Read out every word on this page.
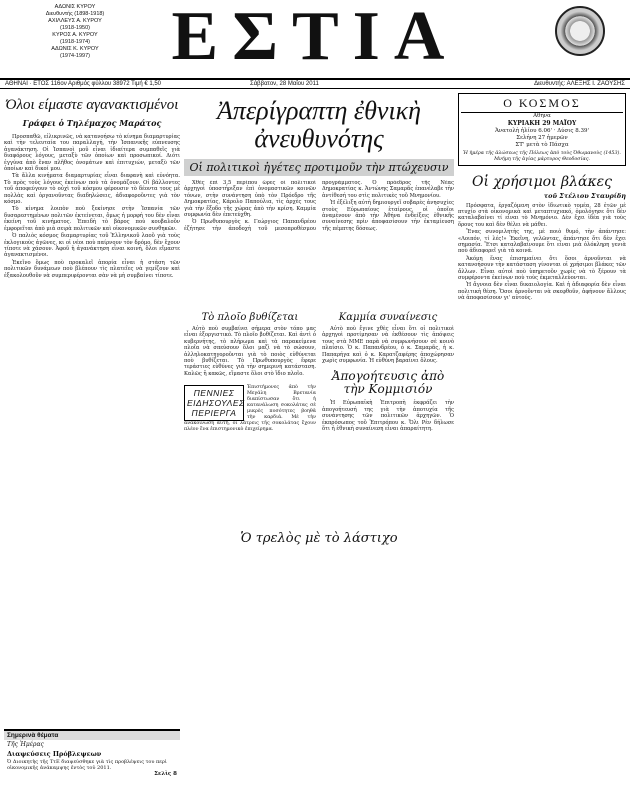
ΑΔΩΝΙΣ ΚΥΡΟΥ
Διευθυντής (1898-1918)
ΑΧΙΛΛΕΥΣ Α. ΚΥΡΟΥ
(1918-1950)
ΚΥΡΟΣ Α. ΚΥΡΟΥ
(1918-1974)
ΑΔΩΝΙΣ Κ. ΚΥΡΟΥ
(1974-1997)	ΕΣΤΙΑ
ΑΘΗΝΑΙ · ΕΤΟΣ 116ον Αριθμός φύλλου 38972 Τιμή € 1,50	Σάββατον, 28 Μαΐου 2011	Διευθυντής: ΑΛΕΞΗΣ Ι. ΖΑΟΥΣΗΣ
Όλοι είμαστε αγανακτισμένοι
Γράφει ὁ Τηλέμαχος Μαράτος

Προσπαθῶ, εἰλικρινῶς, νὰ κατανοήσω τὸ κίνημα διαμαρτυρίας καὶ τὴν τελευταία του παραλλαγή, τὴν Ἱσπανικῆς εὐπνευσης ἀγανάκτηση. Οἱ Ἱσπανοὶ μοῦ εἶναι ἰδιαίτερα συμπαθεῖς γιὰ διαφόρους λόγους, μεταξὺ τῶν ὁποίων καὶ προσωπικοί. Διότι ἐγγύνα ἀπὸ ἕναν πλῆθος ὀνομάτων καὶ ἐπιτυχιών, μεταξὺ τῶν ὁποίων καὶ δικοί μου.

Τὰ ἄλλα κινήματα διαμαρτυρίας εἶναι διαφανὴ καὶ εὐνόητα. Τὸ πρὸς τοὺς λόγους ἐκείνων ποὺ τὰ ὀνομάζουν. Οἱ βάλλοντες τοῦ ἀποφεύγουν τὸ οὐχὶ τοῦ κόσμου φέρουσιν τὸ δέοντα τους μὲ πολλὰς καὶ ὀργανοῦντας διαδηλώσεις, ἀδιαφοροῦντες γιὰ τὸν κόσμο.

Τὸ κίνημα λοιπὸν ποὺ ξεκίνησε στὴν Ἱσπανία τῶν δυσαρεστημένων πολιτῶν ἐκτείνεται, ὅμως ἡ μορφή του δὲν εἶναι ἐκείνη τοῦ κινήματος. Ἐπειδὴ τὸ βάρος ποὺ κουβαλοῦν ἐμφορεῖται ἀπὸ μιὰ σειρὰ πολιτικῶν καὶ οἰκονομικῶν συνθηκῶν.

Ὁ παλιὸς κόσμος διαμαρτυρίας τοῦ Ἑλληνικοῦ λαοῦ γιὰ τοὺς ἐκλογικοὺς ἀγῶνες, κι οἱ νέοι ποὺ παίρνουν τὸν δρόμο, δὲν ἔχουν τίποτε νὰ χάσουν. Ἀφοῦ ἡ ἀγανάκτηση εἶναι κοινή, ὅλοι εἴμαστε ἀγανακτισμένοι.

Ἐκεῖνο ὅμως ποὺ προκαλεῖ ἀπορία εἶναι ἡ στάση τῶν πολιτικῶν δυνάμεων ποὺ βλέπουν τὶς πλατεῖες νὰ γεμίζουν καὶ ἐξακολουθοῦν νὰ συμπεριφέρονται σὰν νὰ μὴ συμβαίνει τίποτε.

Σημερινὰ θέματα
Τῆς Ἡμέρας
Διαψεύσεις Πρόβλεψεων
Ὁ Διοικητὴς τῆς ΤτΕ διαψεύσθηκε γιὰ τὶς προβλέψεις του περὶ οἰκονομικῆς ἀνάκαμψης ἐντὸς τοῦ 2011.
Σελὶς 8
Ἀπερίγραπτη ἐθνικὴ ἀνευθυνότης
Οἱ πολιτικοὶ ἡγέτες προτιμοῦν τὴν πτώχευσιν

Χθὲς ἐπὶ 3,5 περίπου ὥρες οἱ πολιτικοὶ ἀρχηγοὶ ὑποστήριξαν ἐπὶ ὀνομαστικῶν κοινῶν τόνων, στὴν συνάντηση ὑπὸ τὸν Πρόεδρο τῆς Δημοκρατίας, Κάρολο Παπούλια, τὶς ἀρχὲς τους γιὰ τὴν ἔξοδο τῆς χώρας ἀπὸ τὴν κρίση. Καμμία συμφωνία δὲν ἐπετεύχθη.

Ὁ Πρωθυπουργὸς κ. Γεώργιος Παπανδρέου ἐζήτησε τὴν ἀποδοχὴ τοῦ μεσοπροθέσμου προγράμματος. Ὁ πρόεδρος τῆς Νέας Δημοκρατίας κ. Ἀντώνης Σαμαρᾶς ἐπανέλαβε τὴν ἀντίθεσή του στὶς πολιτικὲς τοῦ Μνημονίου.

Ἡ ἐξέλιξη αὐτὴ δημιουργεῖ σοβαρὲς ἀνησυχίες στοὺς Εὐρωπαίους ἑταίρους, οἱ ὁποῖοι ἀναμένουν ἀπὸ τὴν Ἀθήνα ἐνδείξεις ἐθνικῆς συναίνεσης πρὶν ἀποφασίσουν τὴν ἐκταμίευση τῆς πέμπτης δόσεως.

Τὸ πλοῖο βυθίζεται

Αὐτὸ ποὺ συμβαίνει σήμερα στὸν τόπο μας εἶναι ἐξοργιστικό. Τὸ πλοῖο βυθίζεται. Καὶ ἀντὶ ὁ κυβερνήτης, τὸ πλήρωμα καὶ τὰ παρακείμενα πλοῖα νὰ σπεύσουν ὅλοι μαζὶ νὰ τὸ σώσουν, ἀλληλοκατηγοροῦνται γιὰ τὸ ποιὸς εὐθύνεται ποὺ βυθίζεται. Τὸ Πρωθυπουργὸς ἔφερε τεράστιες εὐθύνες γιὰ τὴν σημερινὴ κατάσταση. Καλῶς ἢ κακῶς, εἴμαστε ὅλοι στὸ ἴδιο πλοῖο.

ΠΕΝΝΙΕΣ ΕΙΔΗΣΟΥΛΕΣ ΠΕΡΙΕΡΓΑ

Ἐπιστήμονες ἀπὸ τὴν Μεγάλη Βρετανία διαπίστωσαν ὅτι ἡ κατανάλωση σοκολάτας σὲ μικρὲς ποσότητες βοηθᾶ τὴν καρδιά. Μὲ τὴν ἀνακοίνωση αὐτή, οἱ λάτρεις τῆς σοκολάτας ἔχουν πλέον ἕνα ἐπιστημονικὸ ἐπιχείρημα.

Καμμία συναίνεσις

Αὐτὸ ποὺ ἔγινε χθὲς εἶναι ὅτι οἱ πολιτικοὶ ἀρχηγοὶ προτίμησαν νὰ ἐκθέσουν τὶς ἀπόψεις τους στὰ ΜΜΕ παρὰ νὰ συμφωνήσουν σὲ κοινὸ πλαίσιο. Ὁ κ. Παπανδρέου, ὁ κ. Σαμαρᾶς, ἡ κ. Παπαρήγα καὶ ὁ κ. Καρατζαφέρης ἀποχώρησαν χωρὶς συμφωνία. Ἡ εὐθύνη βαραίνει ὅλους.

Ἀπογοήτευσις ἀπὸ τὴν Κομμισιόν

Ἡ Εὐρωπαϊκὴ Ἐπιτροπὴ ἐκφράζει τὴν ἀπογοήτευσή της γιὰ τὴν ἀποτυχία τῆς συνάντησης τῶν πολιτικῶν ἀρχηγῶν. Ὁ ἐκπρόσωπος τοῦ Ἐπιτρόπου κ. Ὄλι Ρὲν δήλωσε ὅτι ἡ ἐθνικὴ συναίνεση εἶναι ἀπαραίτητη.

Ὁ τρελὸς μὲ τὸ λάστιχο
Ο ΚΟΣΜΟΣ
Αθήνα
ΚΥΡΙΑΚΗ 29 ΜΑΪΟΥ
Ἀνατολὴ ἡλίου 6.06' · Δύσις 8.39'
Σελήνη 27 ἡμερῶν
ΣΤ' μετὰ τὸ Πάσχα
Ἡ ἡμέρα τῆς ἁλώσεως τῆς Πόλεως ἀπὸ τοὺς Ὀθωμανοὺς (1453). Μνήμη τῆς ἁγίας μάρτυρος Θεοδοσίας.
Οἱ χρήσιμοι βλάκες
τοῦ Στέλιου Σταυρίδη

Πρόσφατα, ἐργαζόμενη στὸν ἰδιωτικὸ τομέα, 28 ἐτῶν μὲ πτυχίο στὰ οἰκονομικὰ καὶ μεταπτυχιακό, ὁμολόγησε ὅτι δὲν καταλαβαίνει τί εἶναι τὸ Μνημόνιο. Δὲν ἔχει ἰδέα γιὰ τοὺς ὅρους του καὶ δὲν θέλει νὰ μάθει.

Ἕνας συνομιλητὴς της, μὲ ποιὸ θυμό, τὴν ἀπάντησε: «Λοιπόν, τί λές!» Ἐκεῖνη, γελῶντας, ἀπάντησε ὅτι δὲν ἔχει σημασία. Ἔτσι καταλαβαίνουμε ὅτι εἶναι μιὰ ὁλόκληρη γενιὰ ποὺ ἀδιαφορεῖ γιὰ τὰ κοινά.

Ἀκόμη ἕνας ἐπισημαίνει ὅτι ὅσοι ἀρνοῦνται νὰ κατανοήσουν τὴν κατάσταση γίνονται οἱ χρήσιμοι βλάκες τῶν ἄλλων. Εἶναι αὐτοὶ ποὺ ὑπηρετοῦν χωρὶς νὰ τὸ ξέρουν τὰ συμφέροντα ἐκείνων ποὺ τοὺς ἐκμεταλλεύονται.

Ἡ ἄγνοια δὲν εἶναι δικαιολογία. Καὶ ἡ ἀδιαφορία δὲν εἶναι πολιτικὴ θέση. Ὅσοι ἀρνοῦνται νὰ σκεφθοῦν, ἀφήνουν ἄλλους νὰ ἀποφασίσουν γι' αὐτούς.
